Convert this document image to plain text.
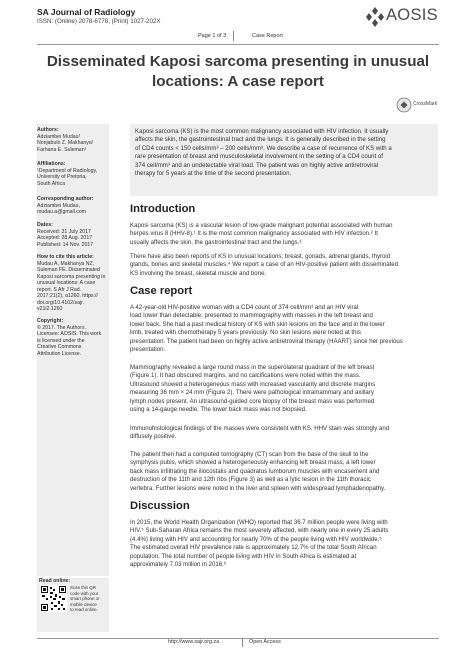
SA Journal of Radiology
ISSN: (Online) 2078-6778, (Print) 1027-202X	AOSIS
Page 1 of 3	Case Report
Disseminated Kaposi sarcoma presenting in unusual
locations: A case report
CrossMark
Authors:
Adziambei Mudau¹
Nonjabulo Z. Makhanya¹
Farhana E. Suleman¹
Affiliations:
¹Department of Radiology,
University of Pretoria,
South Africa
Corresponding author:
Adziambei Mudau,
mudau.a@gmail.com
Dates:
Received: 31 July 2017
Accepted: 28 Aug. 2017
Published: 14 Nov. 2017
How to cite this article:
Mudau A, Makhanya NZ,
Suleman FE. Disseminated
Kaposi sarcoma presenting in
unusual locations: A case
report. S Afr J Rad.
2017;21(2), a1260. https://
doi.org/10.4102/sajr.
v21i2.1260
Copyright:
© 2017. The Authors.
Licensee: AOSIS. This work
is licensed under the
Creative Commons
Attribution License.
Read online:
Scan this QR
code with your
smart phone or
mobile device
to read online.
Kaposi sarcoma (KS) is the most common malignancy associated with HIV infection. It usually
affects the skin, the gastrointestinal tract and the lungs. It is generally described in the setting
of CD4 counts < 150 cells/mm³ – 200 cells/mm³. We describe a case of recurrence of KS with a
rare presentation of breast and musculoskeletal involvement in the setting of a CD4 count of
374 cell/mm³ and an undetectable viral load. The patient was on highly active antiretroviral
therapy for 5 years at the time of the second presentation.
Introduction
Kaposi sarcoma (KS) is a vascular lesion of low-grade malignant potential associated with human
herpes virus 8 (HHV-8).¹ It is the most common malignancy associated with HIV infection.² It
usually affects the skin, the gastrointestinal tract and the lungs.³
There have also been reports of KS in unusual locations; breast, gonads, adrenal glands, thyroid
glands, bones and skeletal muscles.⁴ We report a case of an HIV-positive patient with disseminated
KS involving the breast, skeletal muscle and bone.
Case report
A 42-year-old HIV-positive woman with a CD4 count of 374 cell/mm³ and an HIV viral
load lower than detectable, presented to mammography with masses in the left breast and
lower back. She had a past medical history of KS with skin lesions on the face and in the lower
limb, treated with chemotherapy 5 years previously. No skin lesions were noted at this
presentation. The patient had been on highly active antiretroviral therapy (HAART) since her previous
presentation.
Mammography revealed a large round mass in the superolateral quadrant of the left breast
(Figure 1). It had obscured margins, and no calcifications were noted within the mass.
Ultrasound showed a heterogeneous mass with increased vascularity and discrete margins
measuring 36 mm × 24 mm (Figure 2). There were pathological intramammary and axillary
lymph nodes present. An ultrasound-guided core biopsy of the breast mass was performed
using a 14-gauge needle. The lower back mass was not biopsied.
Immunohistological findings of the masses were consistent with KS. HHV stain was strongly and
diffusely positive.
The patient then had a computed tomography (CT) scan from the base of the skull to the
symphysis pubis, which showed a heterogeneously enhancing left breast mass, a left lower
back mass infiltrating the iliocostalis and quadratus lumborum muscles with encasement and
destruction of the 11th and 12th ribs (Figure 3) as well as a lytic lesion in the 11th thoracic
vertebra. Further lesions were noted in the liver and spleen with widespread lymphadenopathy.
Discussion
In 2015, the World Health Organization (WHO) reported that 36.7 million people were living with
HIV.⁵ Sub-Saharan Africa remains the most severely affected, with nearly one in every 25 adults
(4.4%) living with HIV and accounting for nearly 70% of the people living with HIV worldwide.⁵
The estimated overall HIV prevalence rate is approximately 12.7% of the total South African
population. The total number of people living with HIV in South Africa is estimated at
approximately 7.03 million in 2016.⁶
http://www.sajr.org.za	Open Access
